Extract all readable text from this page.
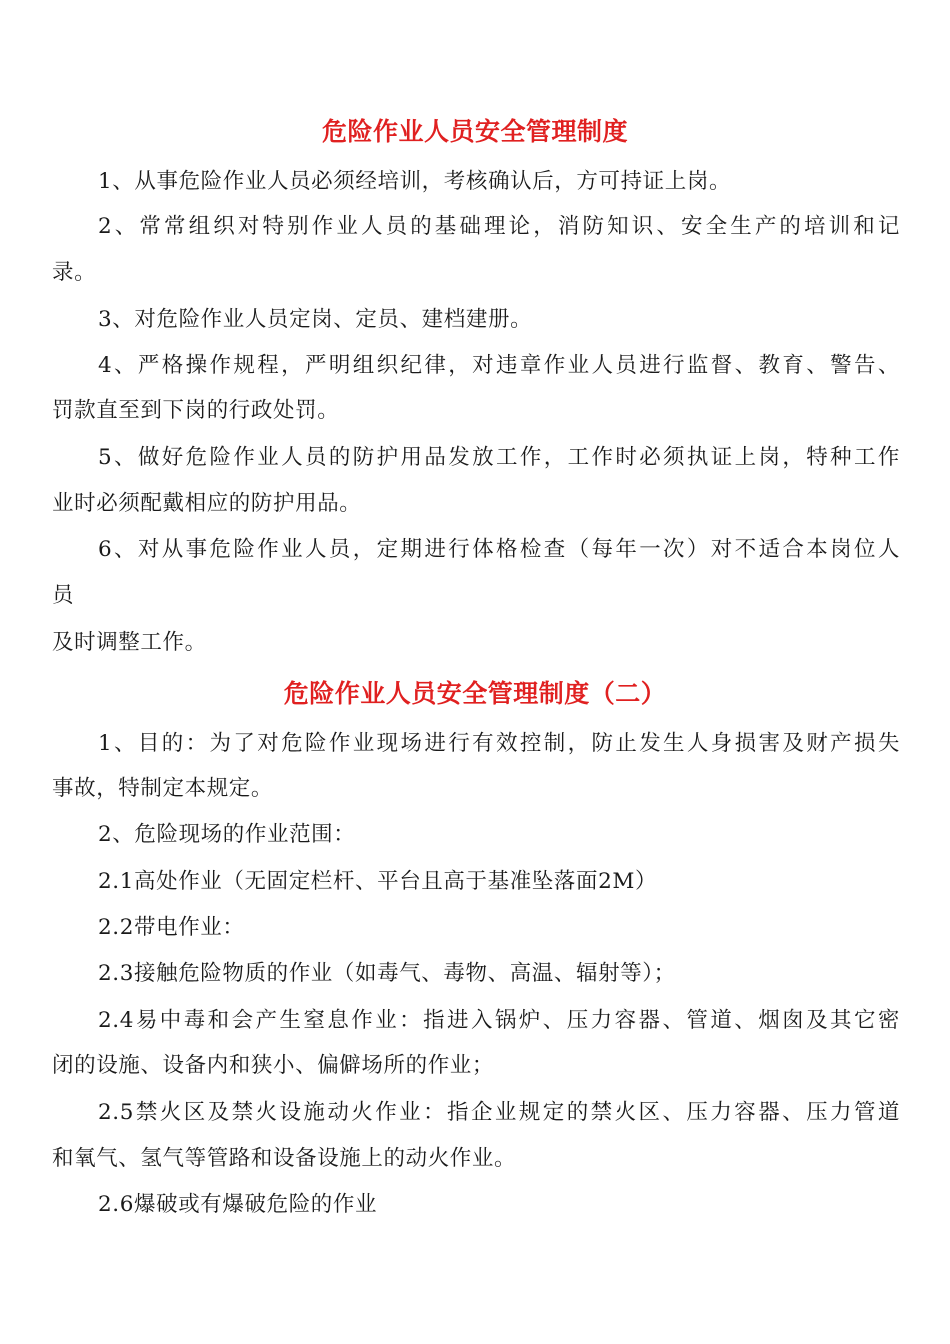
危险作业人员安全管理制度

1、从事危险作业人员必须经培训，考核确认后，方可持证上岗。

2、常常组织对特别作业人员的基础理论，消防知识、安全生产的培训和记

录。

3、对危险作业人员定岗、定员、建档建册。

4、严格操作规程，严明组织纪律，对违章作业人员进行监督、教育、警告、

罚款直至到下岗的行政处罚。

5、做好危险作业人员的防护用品发放工作，工作时必须执证上岗，特种工作

业时必须配戴相应的防护用品。

6、对从事危险作业人员，定期进行体格检查（每年一次）对不适合本岗位人

员

及时调整工作。

危险作业人员安全管理制度（二）

1、目的：为了对危险作业现场进行有效控制，防止发生人身损害及财产损失

事故，特制定本规定。

2、危险现场的作业范围：

2.1高处作业（无固定栏杆、平台且高于基准坠落面2M）

2.2带电作业：

2.3接触危险物质的作业（如毒气、毒物、高温、辐射等）；

2.4易中毒和会产生窒息作业：指进入锅炉、压力容器、管道、烟囱及其它密

闭的设施、设备内和狭小、偏僻场所的作业；

2.5禁火区及禁火设施动火作业：指企业规定的禁火区、压力容器、压力管道

和氧气、氢气等管路和设备设施上的动火作业。

2.6爆破或有爆破危险的作业
